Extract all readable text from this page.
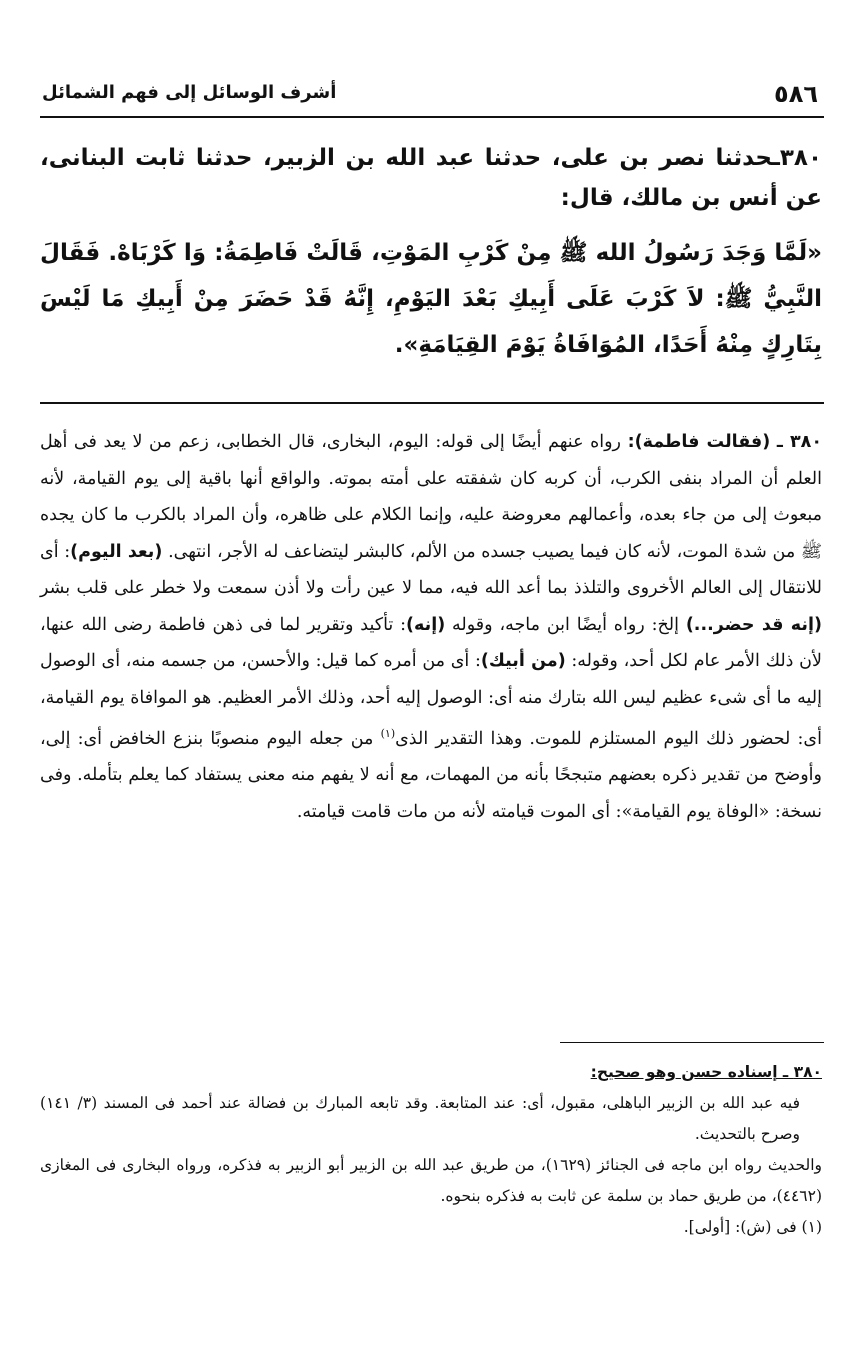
٥٨٦
أشرف الوسائل إلى فهم الشمائل

٣٨٠ـحدثنا نصر بن على، حدثنا عبد الله بن الزبير، حدثنا ثابت البنانى، عن أنس بن مالك، قال:

«لَمَّا وَجَدَ رَسُولُ الله ﷺ مِنْ كَرْبِ المَوْتِ، قَالَتْ فَاطِمَةُ: وَا كَرْبَاهْ. فَقَالَ النَّبِيُّ ﷺ: لاَ كَرْبَ عَلَى أَبِيكِ بَعْدَ اليَوْمِ، إِنَّهُ قَدْ حَضَرَ مِنْ أَبِيكِ مَا لَيْسَ بِتَارِكٍ مِنْهُ أَحَدًا، المُوَافَاةُ يَوْمَ القِيَامَةِ».

٣٨٠ ـ (فقالت فاطمة): رواه عنهم أيضًا إلى قوله: اليوم، البخارى، قال الخطابى، زعم من لا يعد فى أهل العلم أن المراد بنفى الكرب، أن كربه كان شفقته على أمته بموته. والواقع أنها باقية إلى يوم القيامة، لأنه مبعوث إلى من جاء بعده، وأعمالهم معروضة عليه، وإنما الكلام على ظاهره، وأن المراد بالكرب ما كان يجده ﷺ من شدة الموت، لأنه كان فيما يصيب جسده من الألم، كالبشر ليتضاعف له الأجر، انتهى. (بعد اليوم): أى للانتقال إلى العالم الأخروى والتلذذ بما أعد الله فيه، مما لا عين رأت ولا أذن سمعت ولا خطر على قلب بشر (إنه قد حضر...) إلخ: رواه أيضًا ابن ماجه، وقوله (إنه): تأكيد وتقرير لما فى ذهن فاطمة رضى الله عنها، لأن ذلك الأمر عام لكل أحد، وقوله: (من أبيك): أى من أمره كما قيل: والأحسن، من جسمه منه، أى الوصول إليه ما أى شىء عظيم ليس الله بتارك منه أى: الوصول إليه أحد، وذلك الأمر العظيم. هو الموافاة يوم القيامة، أى: لحضور ذلك اليوم المستلزم للموت. وهذا التقدير الذى$^{(١)}$ من جعله اليوم منصوبًا بنزع الخافض أى: إلى، وأوضح من تقدير ذكره بعضهم متبجحًا بأنه من المهمات، مع أنه لا يفهم منه معنى يستفاد كما يعلم بتأمله. وفى نسخة: «الوفاة يوم القيامة»: أى الموت قيامته لأنه من مات قامت قيامته.

٣٨٠ ـ إسناده حسن وهو صحيح:

فيه عبد الله بن الزبير الباهلى، مقبول، أى: عند المتابعة. وقد تابعه المبارك بن فضالة عند أحمد فى المسند (٣/ ١٤١) وصرح بالتحديث.

والحديث رواه ابن ماجه فى الجنائز (١٦٢٩)، من طريق عبد الله بن الزبير أبو الزبير به فذكره، ورواه البخارى فى المغازى (٤٤٦٢)، من طريق حماد بن سلمة عن ثابت به فذكره بنحوه.

(١) فى (ش): [أولى].
